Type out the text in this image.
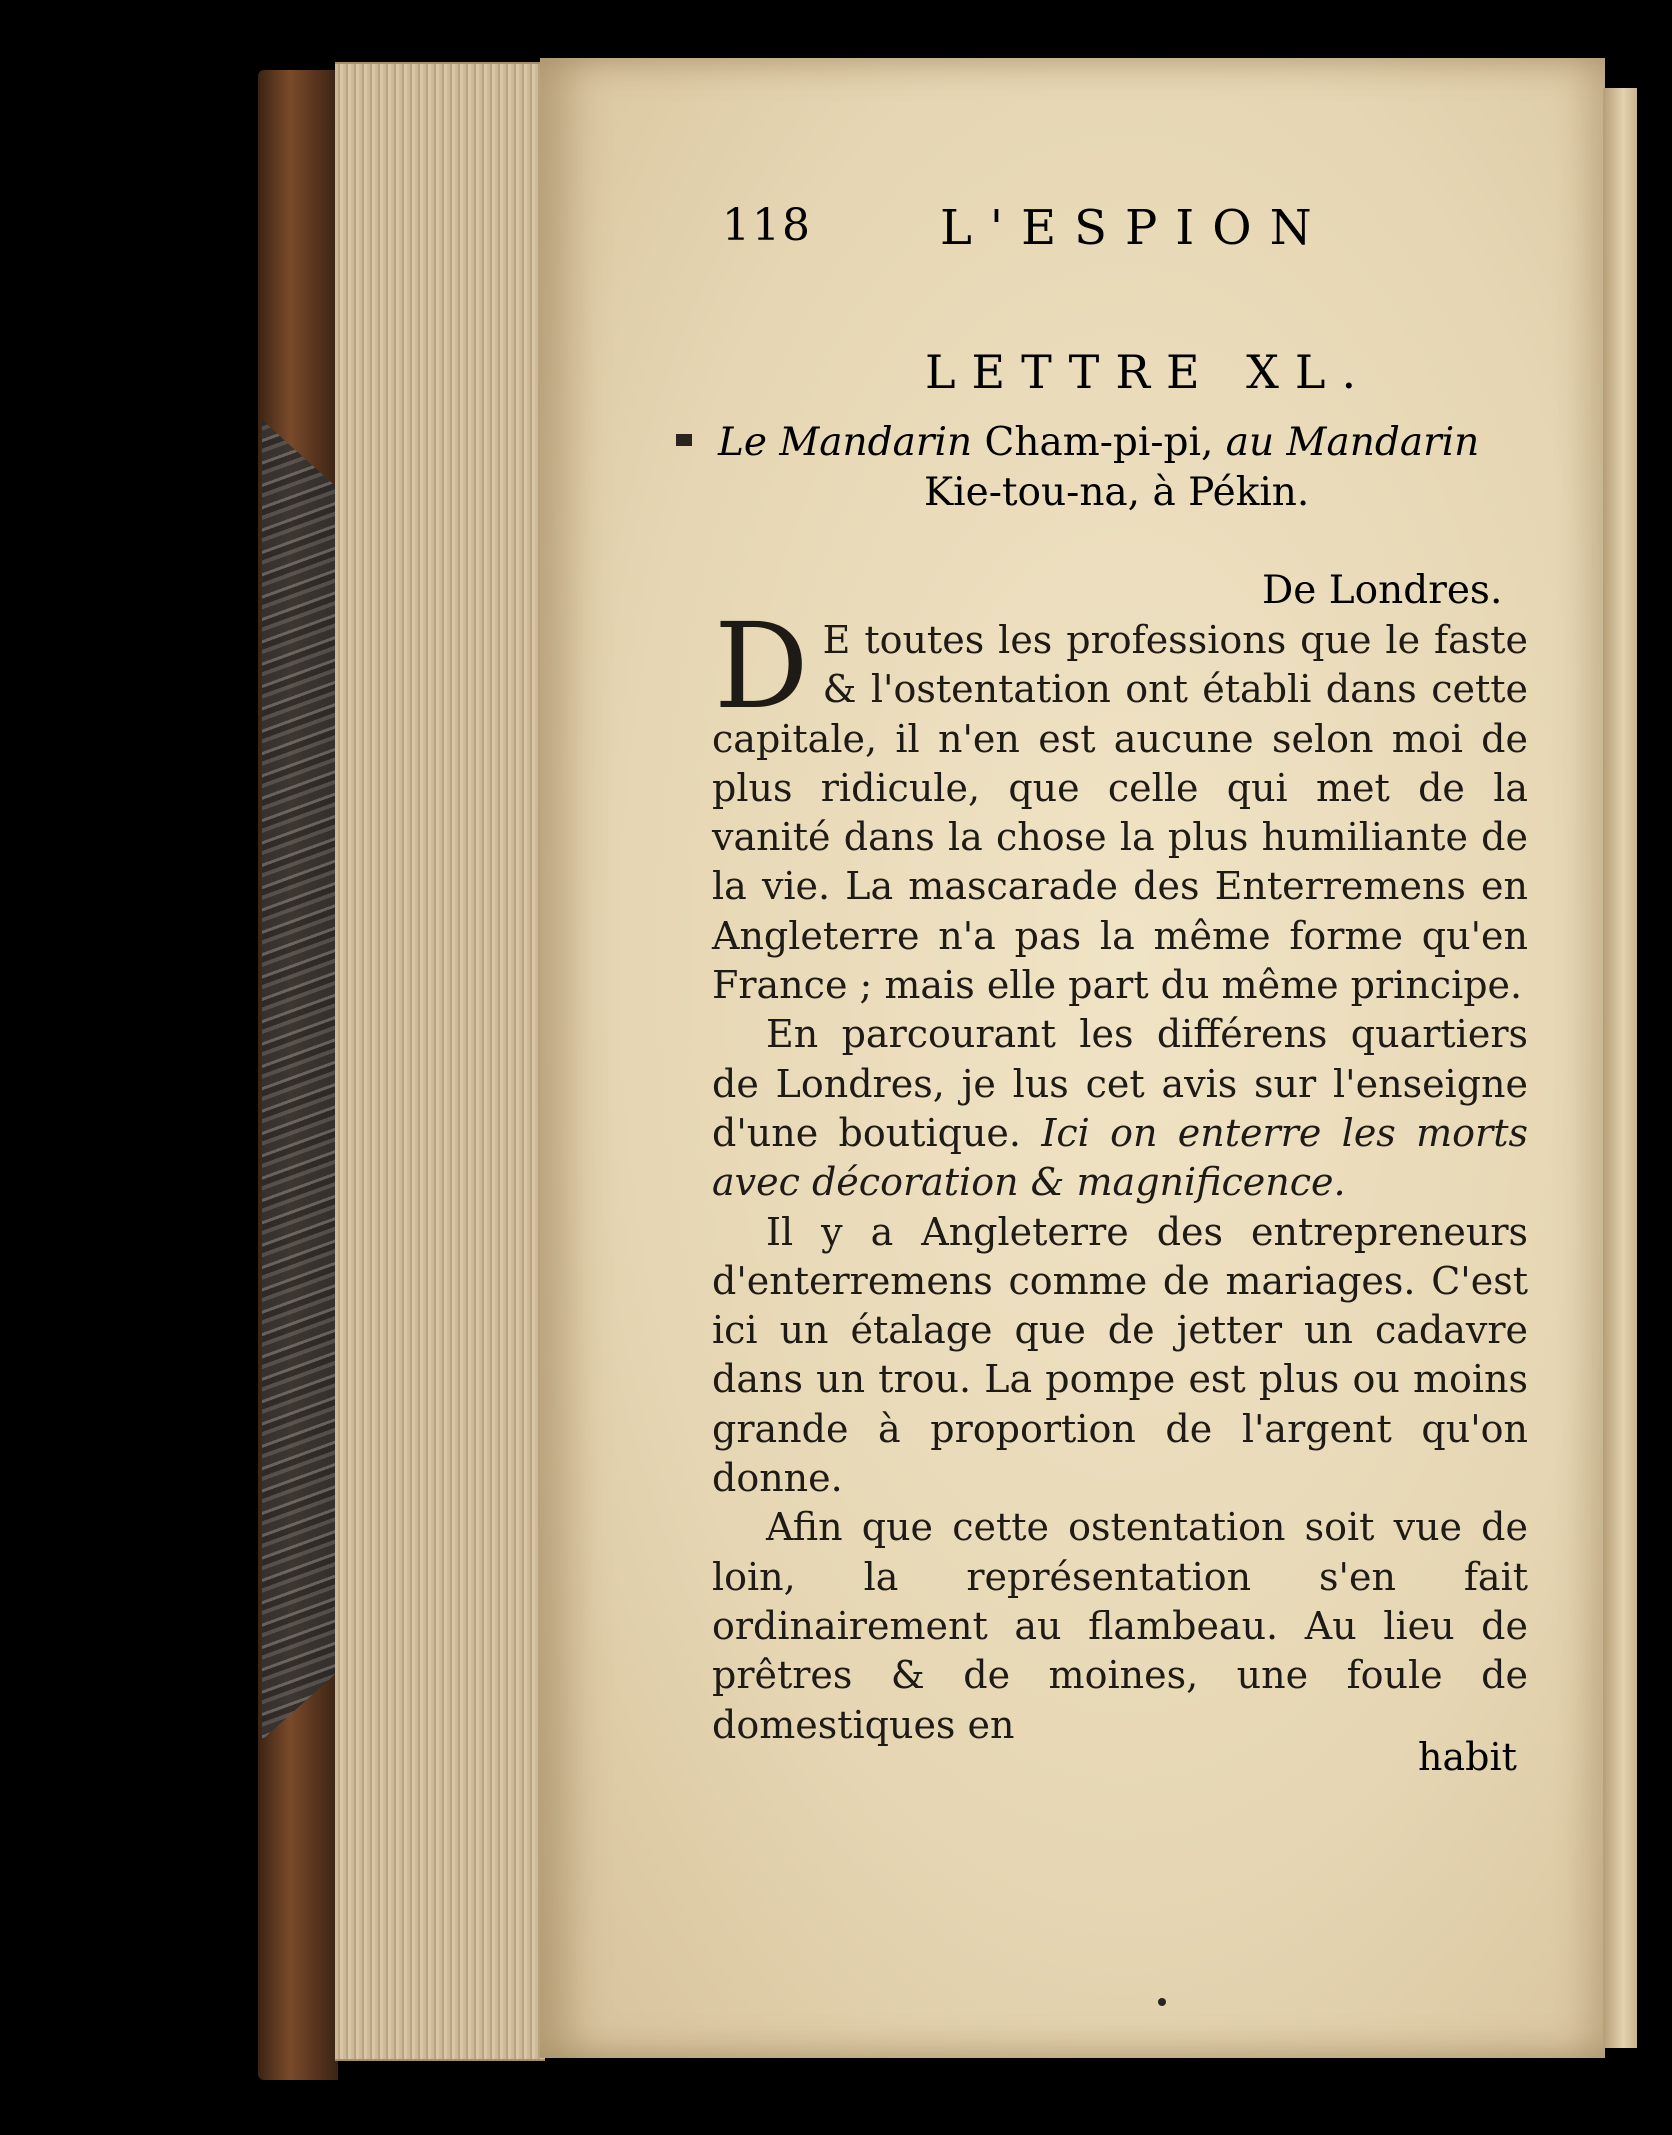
118	L'ESPION
LETTRE XL.
Le Mandarin Cham-pi-pi, au Mandarin
Kie-tou-na, à Pékin.
De Londres.

D E toutes les professions que le faste & l'ostentation ont établi dans cette capitale, il n'en est aucune selon moi de plus ridicule, que celle qui met de la vanité dans la chose la plus humiliante de la vie. La mascarade des Enterremens en Angleterre n'a pas la même forme qu'en France ; mais elle part du même principe.

En parcourant les différens quartiers de Londres, je lus cet avis sur l'enseigne d'une boutique. Ici on enterre les morts avec décoration & magnificence.

Il y a Angleterre des entrepreneurs d'enterremens comme de mariages. C'est ici un étalage que de jetter un cadavre dans un trou. La pompe est plus ou moins grande à proportion de l'argent qu'on donne.

Afin que cette ostentation soit vue de loin, la représentation s'en fait ordinairement au flambeau. Au lieu de prêtres & de moines, une foule de domestiques en

habit
